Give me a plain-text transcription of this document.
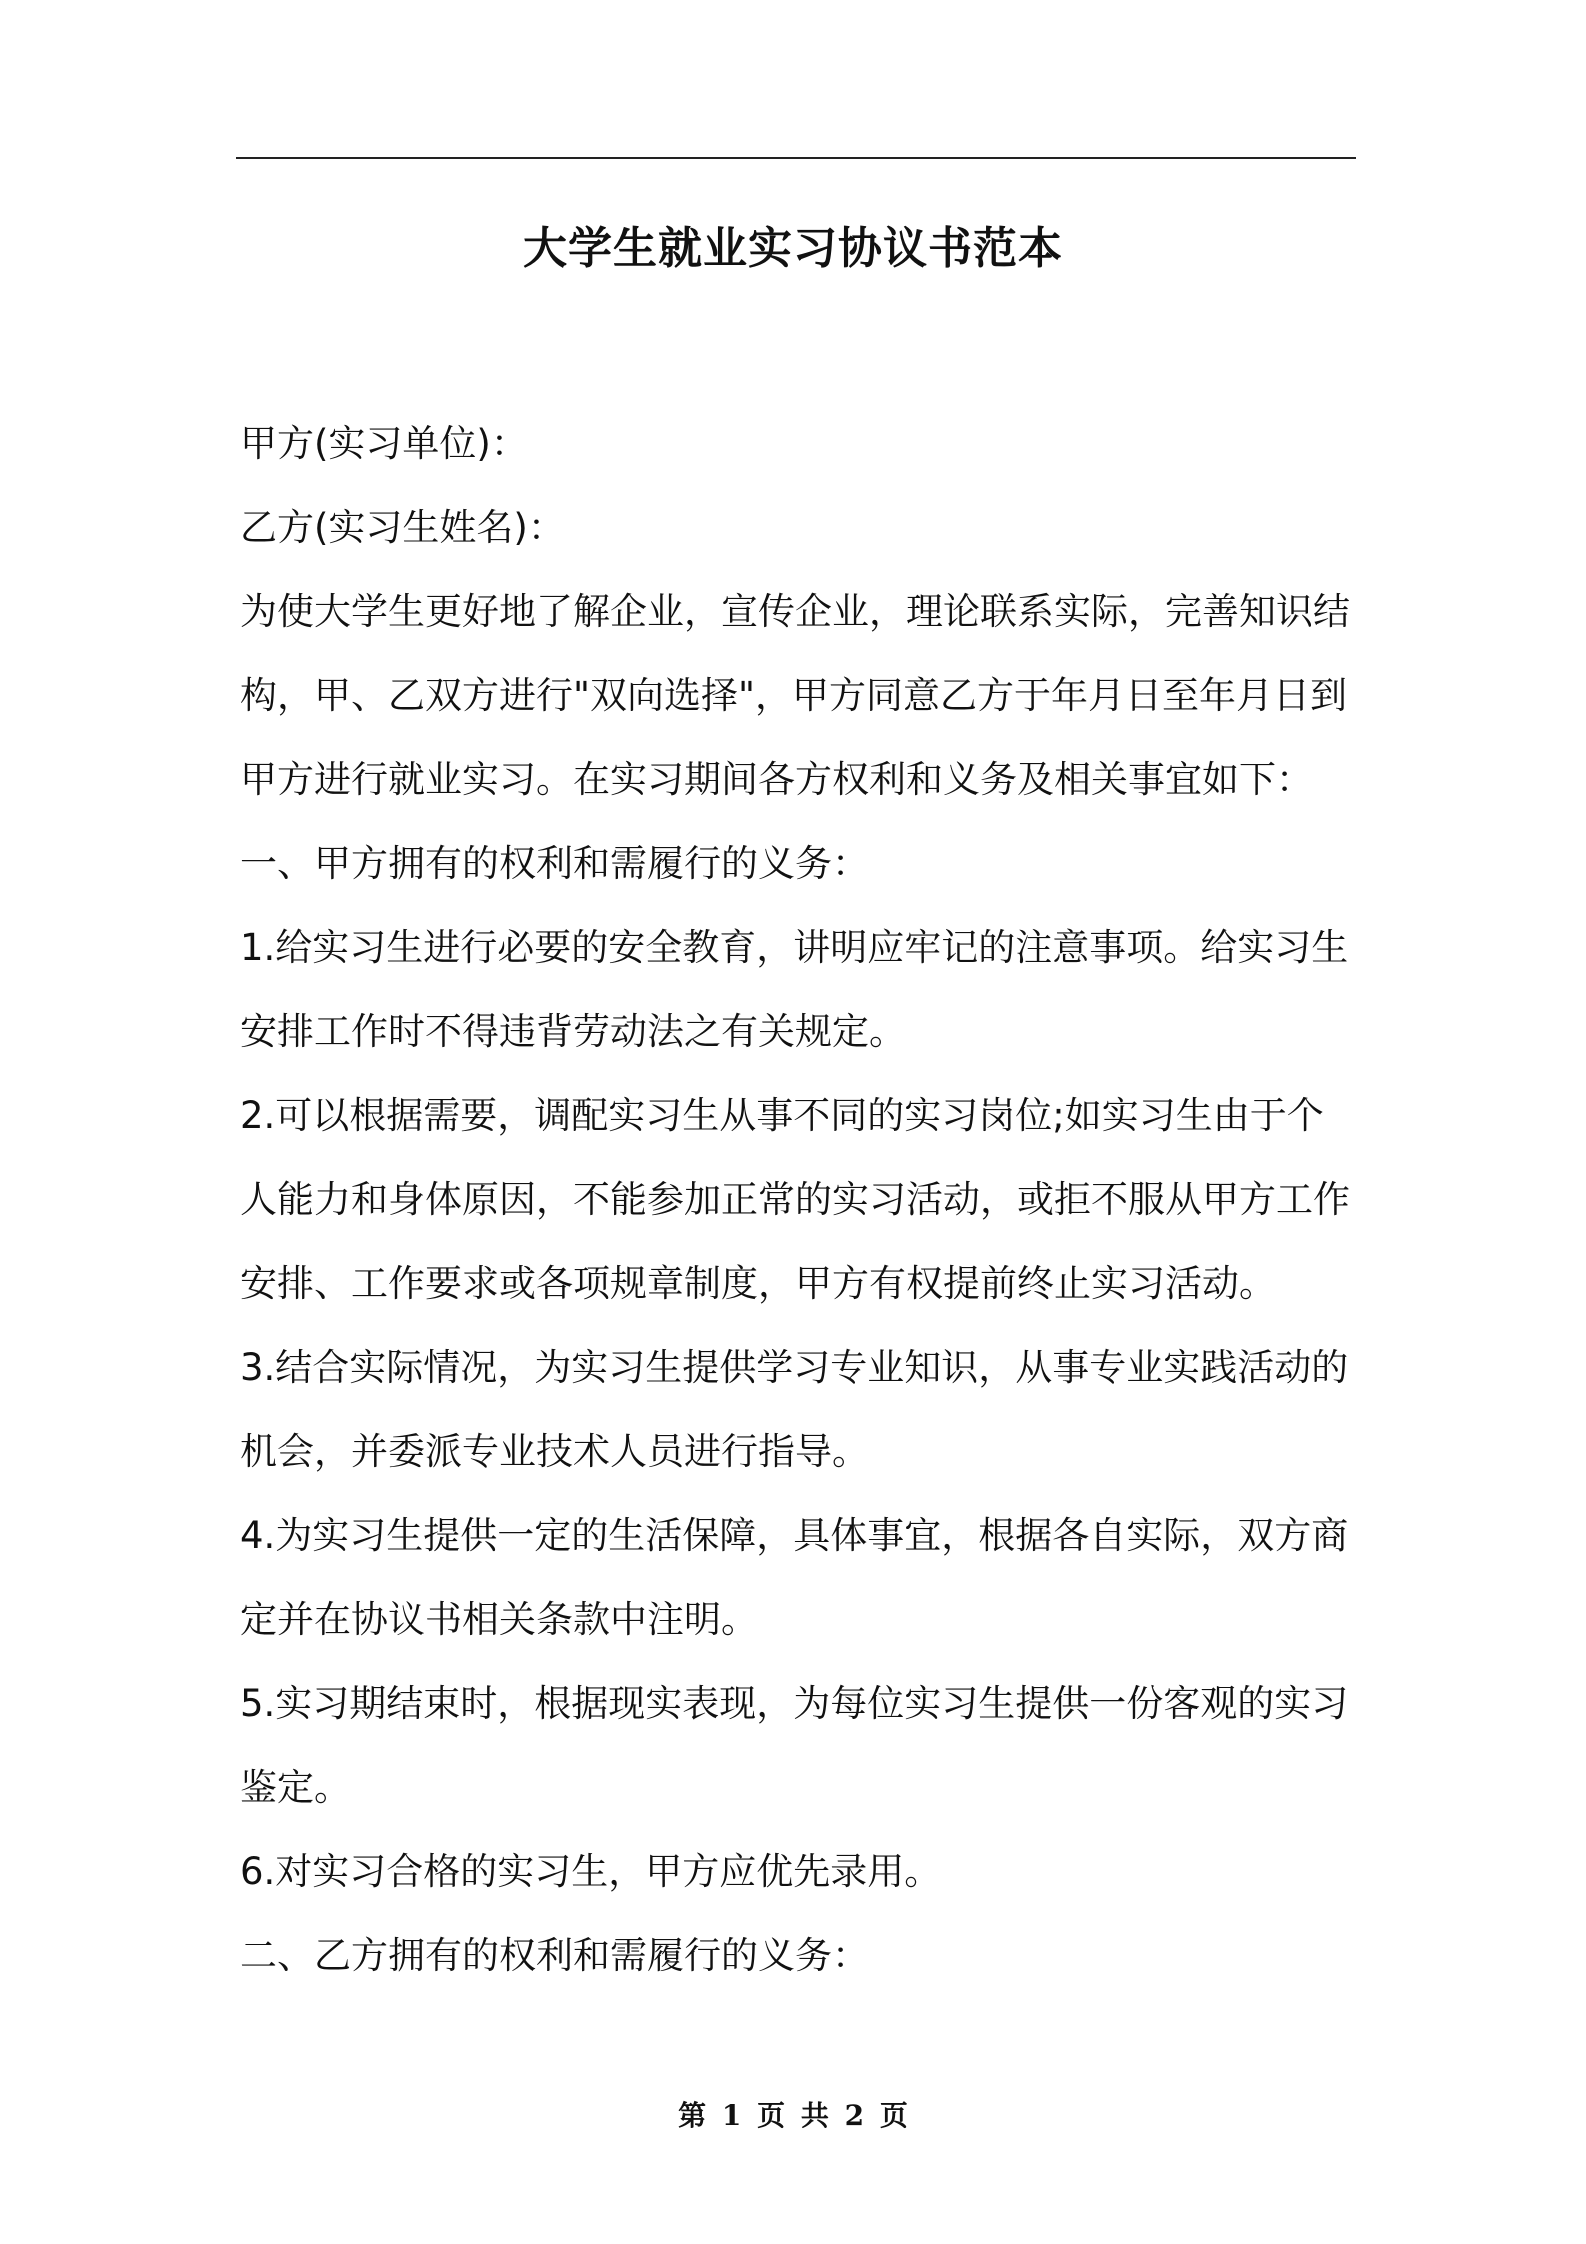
大学生就业实习协议书范本

甲方(实习单位)：

乙方(实习生姓名)：

为使大学生更好地了解企业，宣传企业，理论联系实际，完善知识结构，甲、乙双方进行"双向选择"，甲方同意乙方于年月日至年月日到甲方进行就业实习。在实习期间各方权利和义务及相关事宜如下：

一、甲方拥有的权利和需履行的义务：

1.给实习生进行必要的安全教育，讲明应牢记的注意事项。给实习生安排工作时不得违背劳动法之有关规定。

2.可以根据需要，调配实习生从事不同的实习岗位;如实习生由于个人能力和身体原因，不能参加正常的实习活动，或拒不服从甲方工作安排、工作要求或各项规章制度，甲方有权提前终止实习活动。

3.结合实际情况，为实习生提供学习专业知识，从事专业实践活动的机会，并委派专业技术人员进行指导。

4.为实习生提供一定的生活保障，具体事宜，根据各自实际，双方商定并在协议书相关条款中注明。

5.实习期结束时，根据现实表现，为每位实习生提供一份客观的实习鉴定。

6.对实习合格的实习生，甲方应优先录用。

二、乙方拥有的权利和需履行的义务：

第 1 页 共 2 页
